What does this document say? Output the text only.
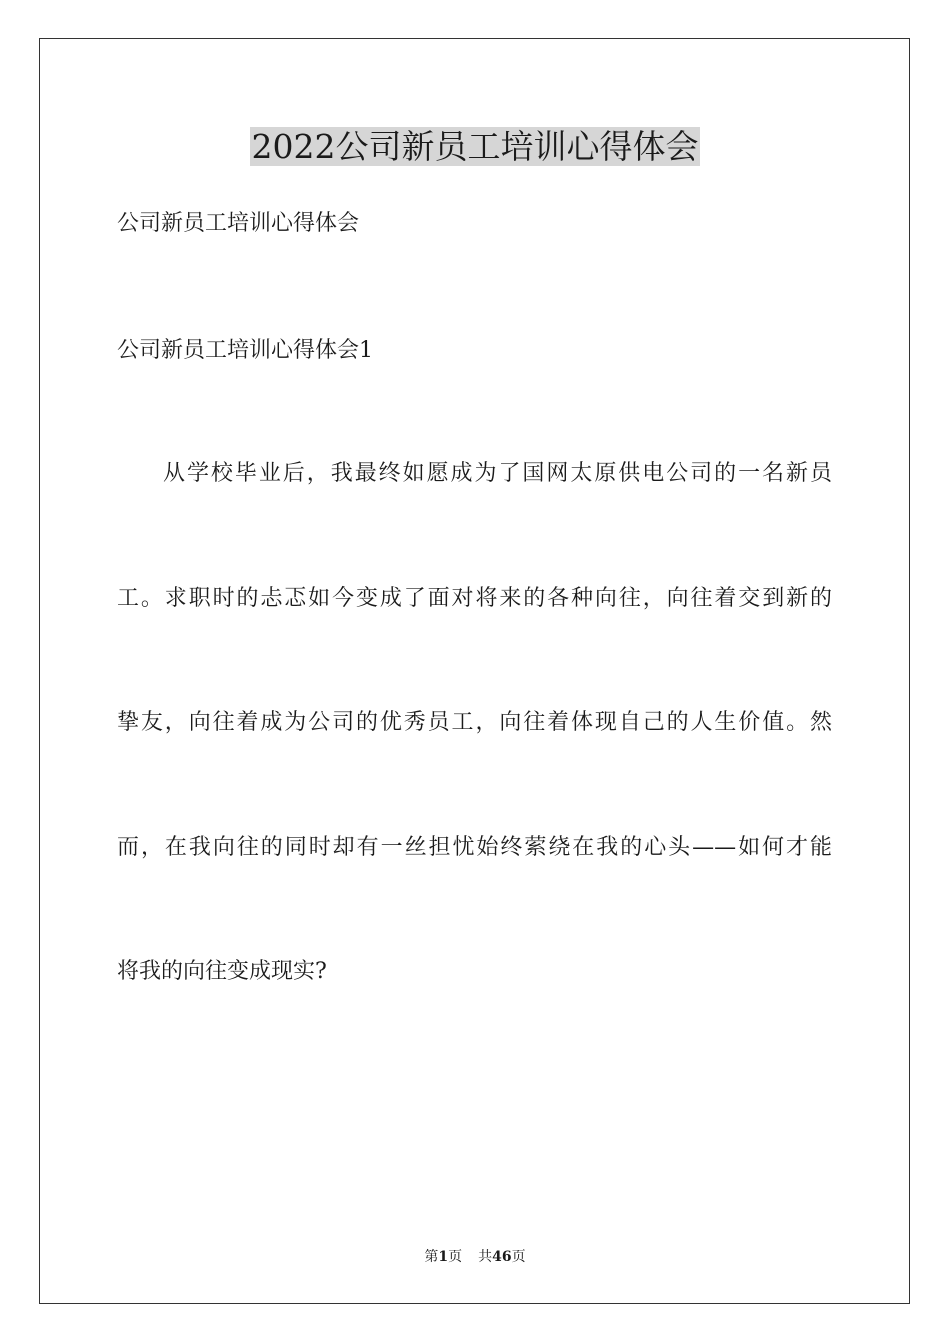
2022公司新员工培训心得体会

公司新员工培训心得体会

公司新员工培训心得体会1

从学校毕业后，我最终如愿成为了国网太原供电公司的一名新员

工。求职时的忐忑如今变成了面对将来的各种向往，向往着交到新的

挚友，向往着成为公司的优秀员工，向往着体现自己的人生价值。然

而，在我向往的同时却有一丝担忧始终萦绕在我的心头——如何才能

将我的向往变成现实?

第1页 共46页
